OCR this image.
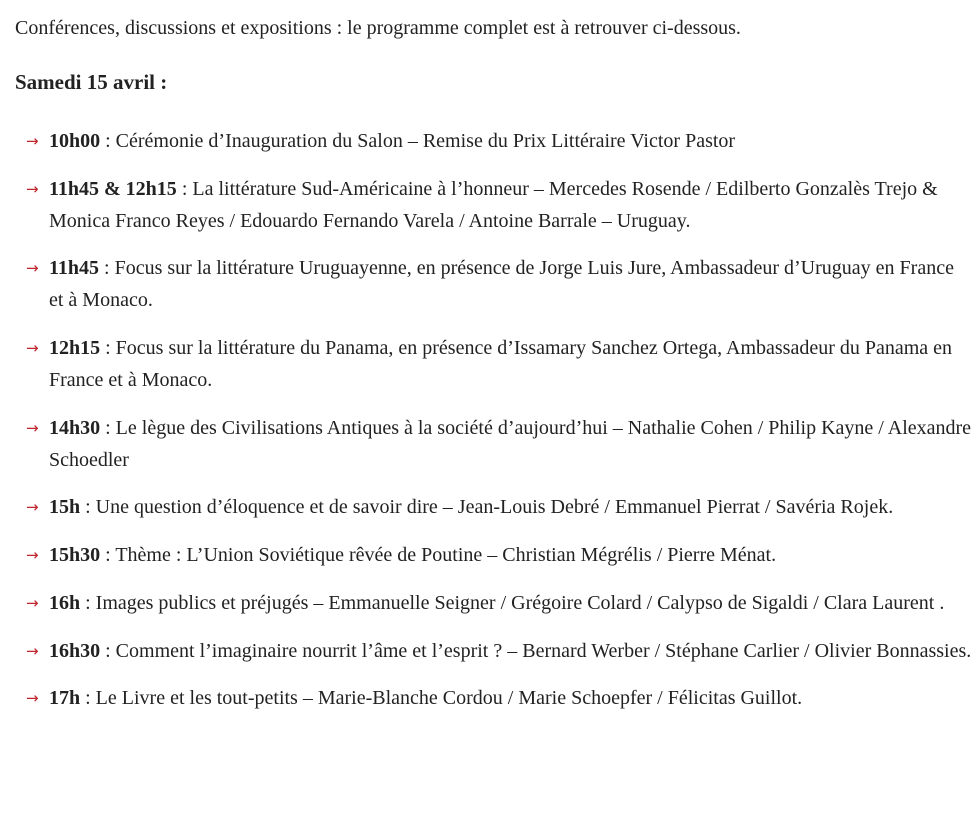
Conférences, discussions et expositions : le programme complet est à retrouver ci-dessous.

Samedi 15 avril :

→ 10h00 : Cérémonie d’Inauguration du Salon – Remise du Prix Littéraire Victor Pastor
→ 11h45 & 12h15 : La littérature Sud-Américaine à l’honneur – Mercedes Rosende / Edilberto Gonzalès Trejo & Monica Franco Reyes / Edouardo Fernando Varela / Antoine Barrale – Uruguay.
→ 11h45 : Focus sur la littérature Uruguayenne, en présence de Jorge Luis Jure, Ambassadeur d’Uruguay en France et à Monaco.
→ 12h15 : Focus sur la littérature du Panama, en présence d’Issamary Sanchez Ortega, Ambassadeur du Panama en France et à Monaco.
→ 14h30 : Le lègue des Civilisations Antiques à la société d’aujourd’hui – Nathalie Cohen / Philip Kayne / Alexandre Schoedler
→ 15h : Une question d’éloquence et de savoir dire – Jean-Louis Debré / Emmanuel Pierrat / Savéria Rojek.
→ 15h30 : Thème : L’Union Soviétique rêvée de Poutine – Christian Mégrélis / Pierre Ménat.
→ 16h : Images publics et préjugés – Emmanuelle Seigner / Grégoire Colard / Calypso de Sigaldi / Clara Laurent .
→ 16h30 : Comment l’imaginaire nourrit l’âme et l’esprit ? – Bernard Werber / Stéphane Carlier / Olivier Bonnassies.
→ 17h : Le Livre et les tout-petits – Marie-Blanche Cordou / Marie Schoepfer / Félicitas Guillot.
